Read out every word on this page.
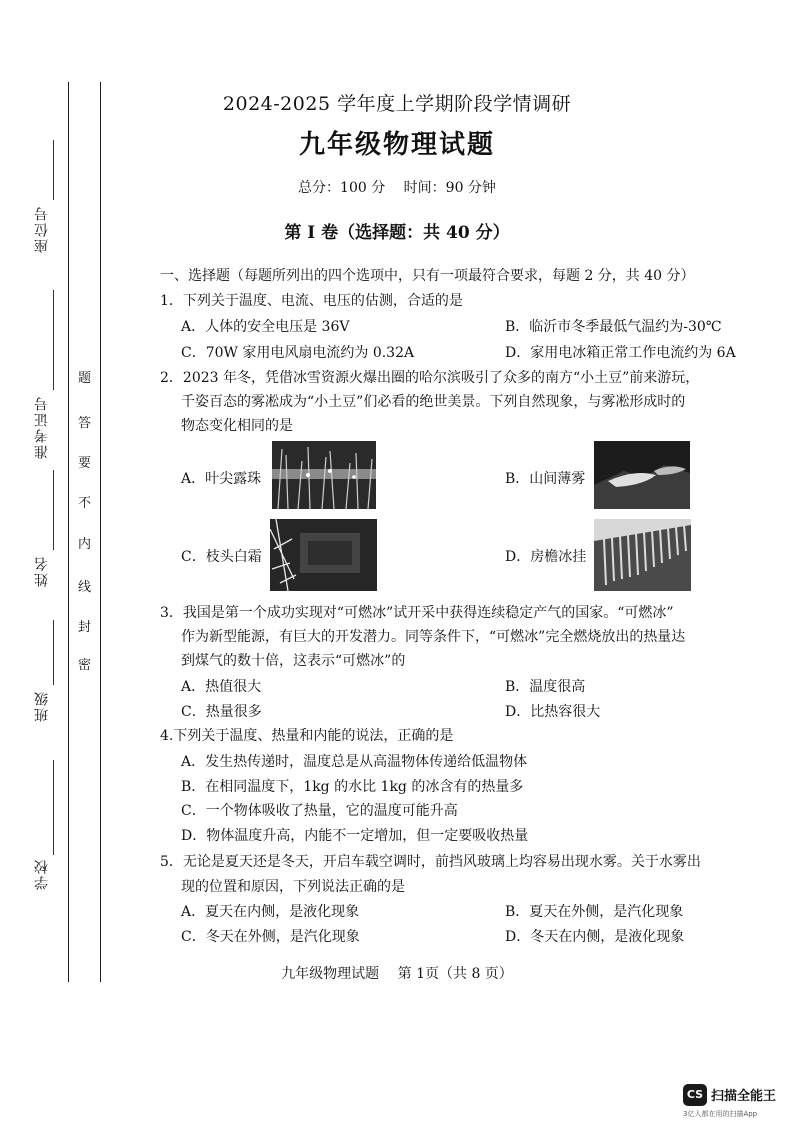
座位号
准考证号
姓名
班级
学校
题
答
要
不
内
线
封
密
2024-2025 学年度上学期阶段学情调研
九年级物理试题
总分：100 分　 时间：90 分钟
第 I 卷（选择题：共 40 分）
一、选择题（每题所列出的四个选项中，只有一项最符合要求，每题 2 分，共 40 分）
1．下列关于温度、电流、电压的估测，合适的是
A．人体的安全电压是 36V	B．临沂市冬季最低气温约为-30℃
C．70W 家用电风扇电流约为 0.32A	D．家用电冰箱正常工作电流约为 6A
2．2023 年冬，凭借冰雪资源火爆出圈的哈尔滨吸引了众多的南方“小土豆”前来游玩，
千姿百态的雾凇成为“小土豆”们必看的绝世美景。下列自然现象，与雾凇形成时的
物态变化相同的是
A．叶尖露珠	B．山间薄雾
C．枝头白霜	D．房檐冰挂
3．我国是第一个成功实现对“可燃冰”试开采中获得连续稳定产气的国家。“可燃冰”
作为新型能源，有巨大的开发潜力。同等条件下，“可燃冰”完全燃烧放出的热量达
到煤气的数十倍，这表示“可燃冰”的
A．热值很大	B．温度很高
C．热量很多	D．比热容很大
4.下列关于温度、热量和内能的说法，正确的是
A．发生热传递时，温度总是从高温物体传递给低温物体
B．在相同温度下，1kg 的水比 1kg 的冰含有的热量多
C．一个物体吸收了热量，它的温度可能升高
D．物体温度升高，内能不一定增加，但一定要吸收热量
5．无论是夏天还是冬天，开启车载空调时，前挡风玻璃上均容易出现水雾。关于水雾出
现的位置和原因，下列说法正确的是
A．夏天在内侧，是液化现象	B．夏天在外侧，是汽化现象
C．冬天在外侧，是汽化现象	D．冬天在内侧，是液化现象
九年级物理试题　 第 1页（共 8 页）
CS 扫描全能王
3亿人都在用的扫描App
